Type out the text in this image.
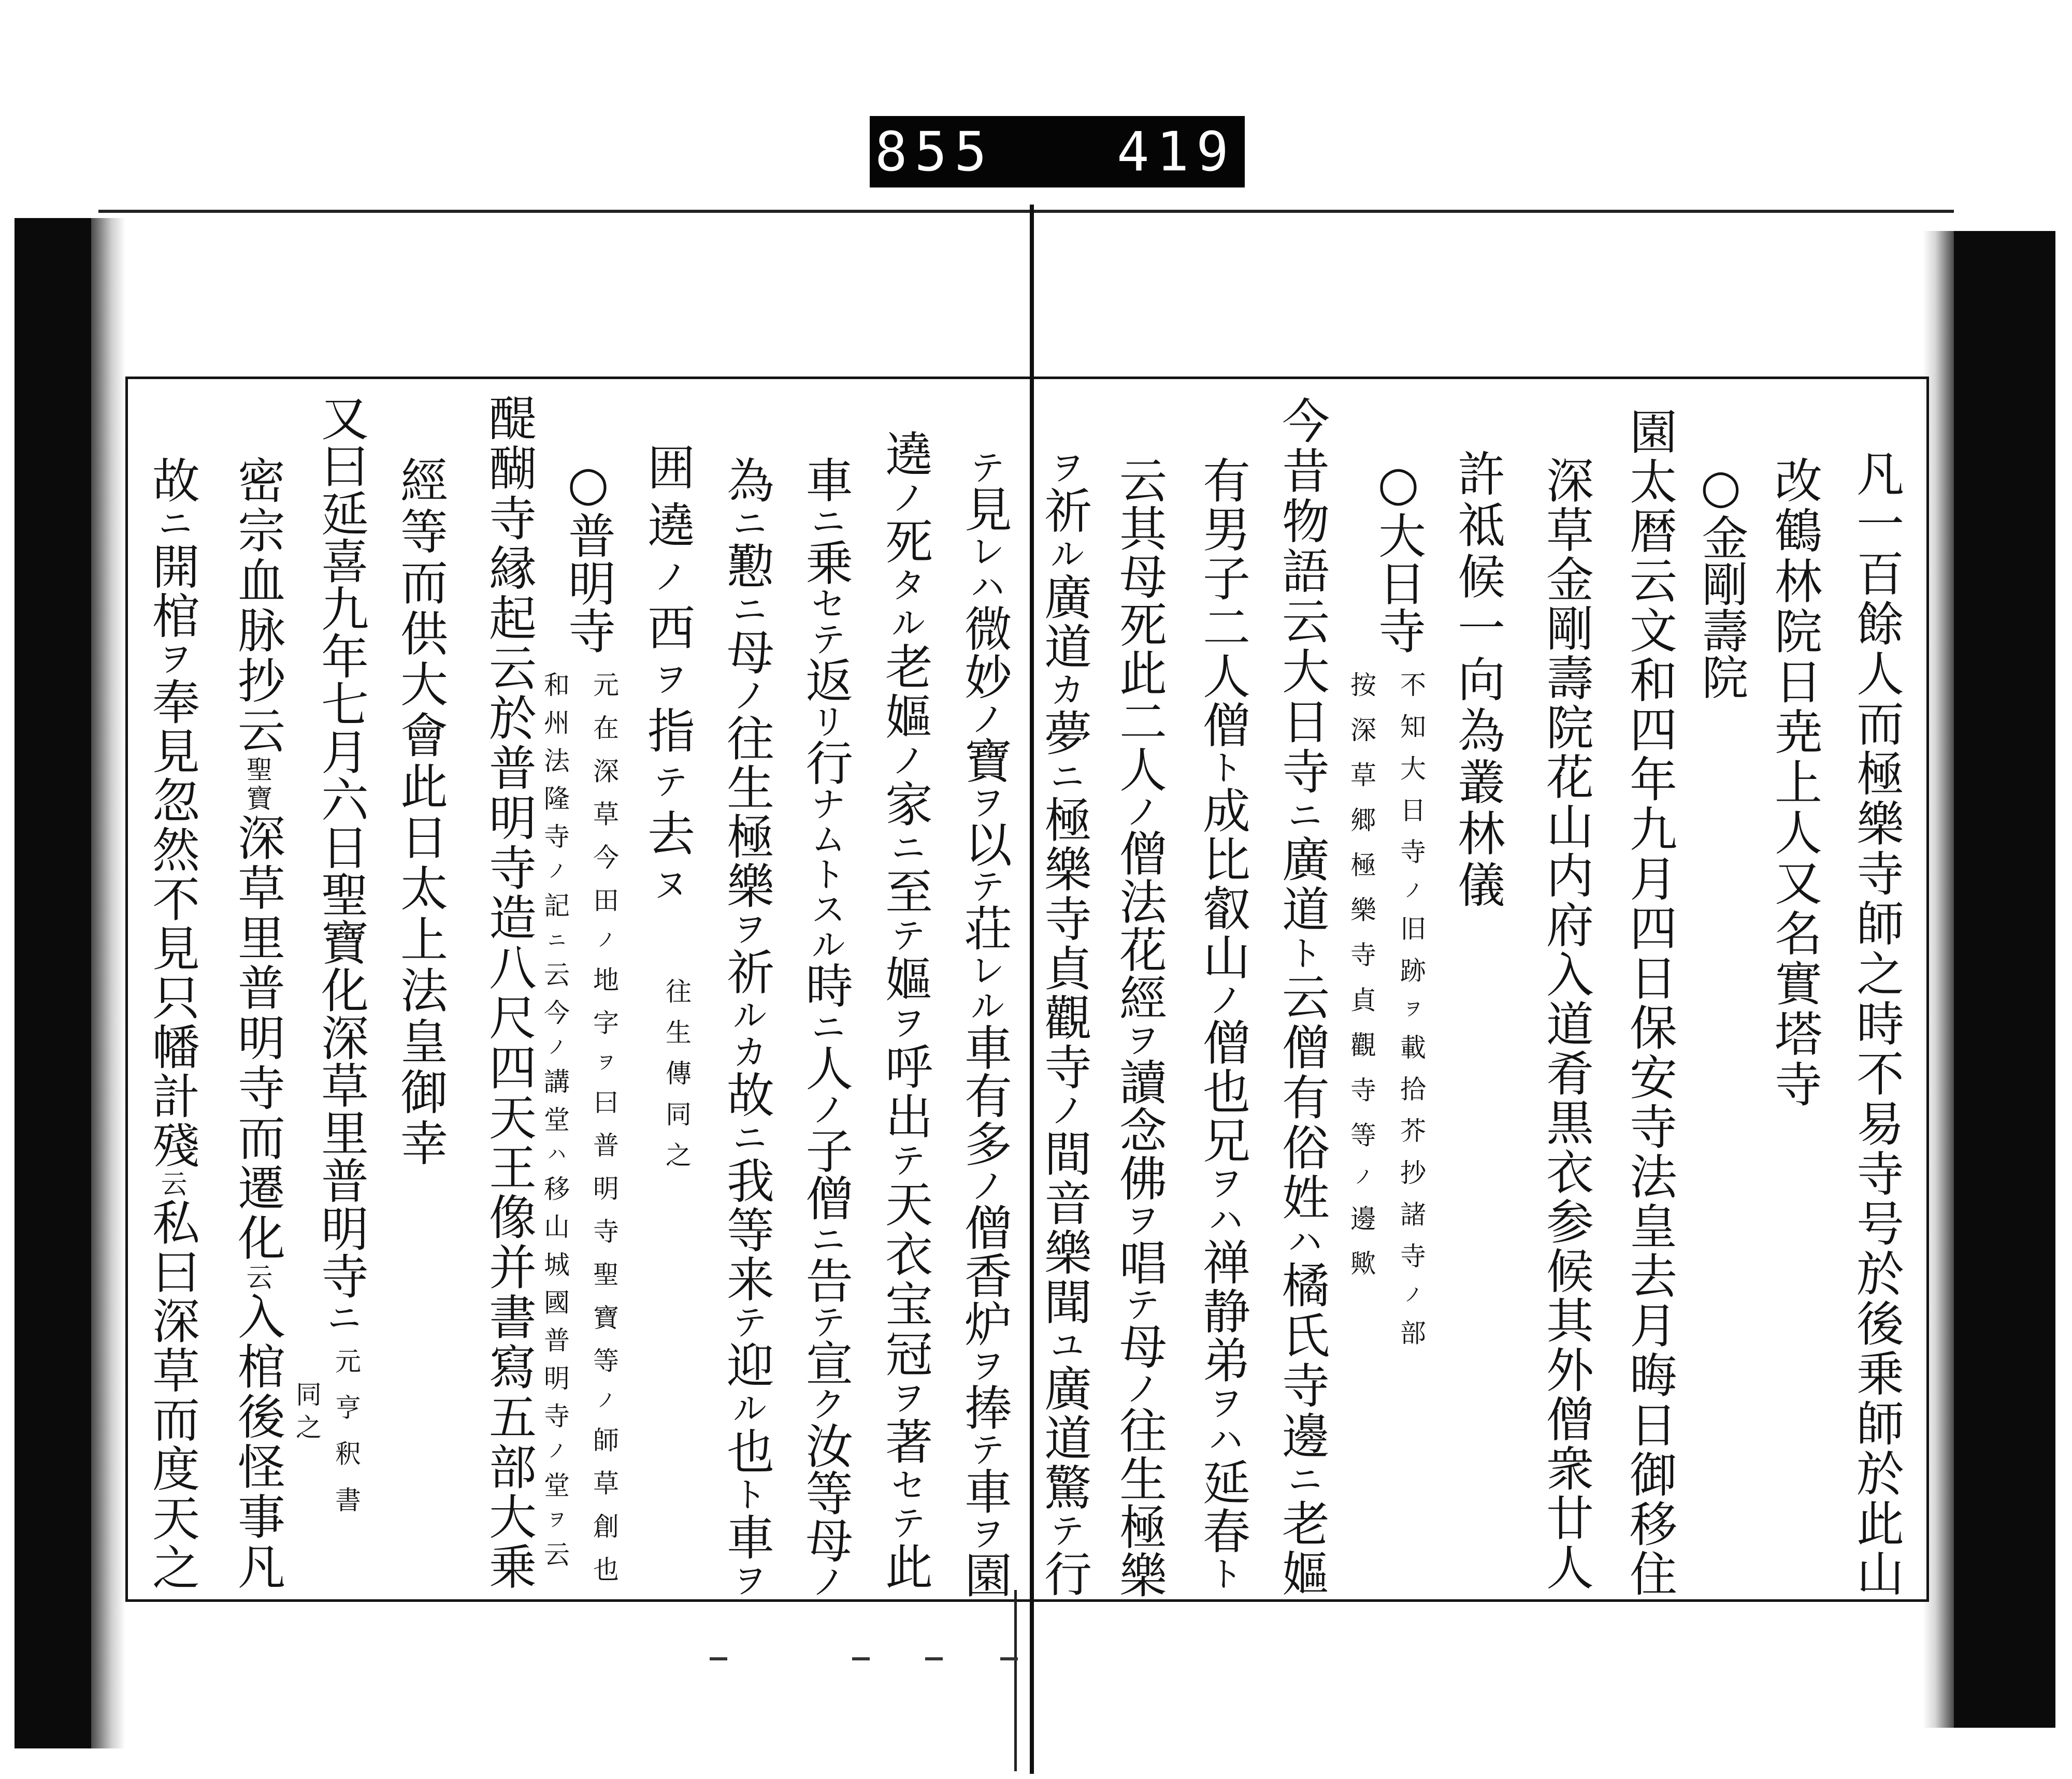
855 419.
凡一百餘人而極樂寺師之時不易寺号於後乗師於此山
改鶴林院日尭上人又名實塔寺
○金剛壽院
園太暦云文和四年九月四日保安寺法皇去月晦日御移住
深草金剛壽院花山内府入道肴黒衣参候其外僧衆廿人
許祗候一向為叢林儀
○大日寺
不知大日寺ノ旧跡ヲ載拾芥抄諸寺ノ部
按深草郷極樂寺貞觀寺等ノ邊歟
今昔物語云大日寺ニ廣道ト云僧有俗姓ハ橘氏寺邊ニ老嫗
有男子二人僧ト成比叡山ノ僧也兄ヲハ禅静弟ヲハ延春ト
云其母死此二人ノ僧法花經ヲ讀念佛ヲ唱テ母ノ往生極樂
ヲ祈ル廣道カ夢ニ極樂寺貞觀寺ノ間音樂聞ユ廣道驚テ行
テ見レハ微妙ノ寶ヲ以テ荘レル車有多ノ僧香炉ヲ捧テ車ヲ園
遶ノ死タル老嫗ノ家ニ至テ嫗ヲ呼出テ天衣宝冠ヲ著セテ此
車ニ乗セテ返リ行ナムトスル時ニ人ノ子僧ニ告テ宣ク汝等母ノ
為ニ懃ニ母ノ往生極樂ヲ祈ルカ故ニ我等来テ迎ル也ト車ヲ
囲遶ノ西ヲ指テ去ヌ
往生傳同之
○普明寺
元在深草今田ノ地字ヲ曰普明寺聖寶等ノ師草創也
和州法隆寺ノ記ニ云今ノ講堂ハ移山城國普明寺ノ堂ヲ云
醍醐寺縁起云於普明寺造八尺四天王像并書寫五部大乗
經等而供大會此日太上法皇御幸
又曰延喜九年七月六日聖寶化深草里普明寺ニ
元亨釈書
同之
密宗血脉抄云聖寶深草里普明寺而遷化云入棺後怪事凡
故ニ開棺ヲ奉見忽然不見只幡計殘云私曰深草而度天之
